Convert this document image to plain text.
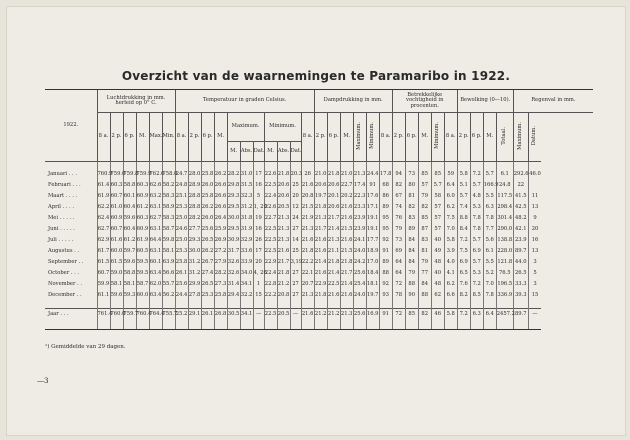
Overzicht van de waarnemingen te Paramaribo in 1922.
1922.	Luchtdrukking in mm. herleid op 0° C.						Temperatuur in graden Celsius.											Dampdrukking in mm.						Betrekkelijke vochtigheid in procenten.					Bewolking (0—10).				Regenval in mm.	
	8 a.	2 p.	6 p.	M.	Max.	Min.	8 a.	2 p.	6 p.	M.	Maximum.			Minimum.			8 a.	2 p.	6 p.	M.	Maximum.	Minimum.	8 a.	2 p.	6 p.	M.	Minimum.	8 a.	2 p.	6 p.	M.	Totaal.	Maximum.	Datum.
											M.	Abs.	Dat.	M.	Abs.	Dat.																		

Januari . . .	760.9	759.0	759.8	759.9	762.6	758.0	24.7	28.0	25.8	26.2	28.2	31.0	17	22.6	21.8	20.3	26	21.0	21.8	21.0	21.3	24.4	17.8	94	73	85	85	59	5.8	7.2	5.7	6.1	292.6	46.0
Februari . . .	61.4	60.3	58.8	60.3	62.6	58.2	24.8	28.9	26.0	26.6	29.8	31.5	16	22.5	20.6	25	21.6	20.6	20.6	22.7	17.4	91	68	82	80	57	5.7	6.4	5.1	5.7	166.9	24.8	22	
Maart . . . .	61.9	60.7	60.1	60.9	63.2	58.3	25.1	28.8	25.8	26.6	29.3	32.3	5	22.4	20.6	20	20.8	19.7	20.1	20.2	22.3	17.6	86	67	81	79	58	6.0	5.7	4.8	5.5	117.5	41.5	11
April . . . .	62.2	61.0	60.4	61.2	63.1	58.9	25.3	28.8	26.2	26.6	29.5	31.2	1, 29	22.6	20.5	12	21.5	21.8	20.6	21.6	23.3	17.1	89	74	82	82	57	6.2	7.4	5.3	6.3	298.4	42.5	13
Mei . . . . .	62.4	60.9	59.6	60.3	62.7	58.3	25.0	28.2	26.0	26.4	30.0	31.8	19	22.7	21.3	24	21.9	21.3	21.7	21.6	23.9	19.1	95	76	83	85	57	7.5	8.8	7.8	7.8	301.4	48.2	9
Juni . . . . .	62.7	60.7	60.4	60.9	63.1	58.7	24.6	27.7	25.6	25.9	29.5	31.9	16	22.5	21.3	27	21.3	21.7	21.4	21.5	23.9	19.1	95	79	89	87	57	7.0	8.4	7.8	7.7	290.0	42.1	20
Juli . . . . .	62.9	61.6	61.2	61.9	64.4	59.8	25.0	29.3	26.5	26.9	30.9	32.9	26	22.5	21.3	14	21.6	21.6	21.3	21.6	24.1	17.7	92	73	84	83	40	5.8	7.2	5.7	5.6	138.8	23.9	16
Augustus . .	61.7	60.0	59.7	60.5	63.1	58.1	25.3	30.0	26.2	27.2	31.7	33.6	17	22.5	21.6	25	21.8	21.6	21.1	21.5	24.0	18.9	91	69	84	81	49	3.9	7.5	6.9	6.1	228.0	89.7	13
September . .	61.5	61.5	59.6	59.5	60.1	63.9	25.8	31.2	26.7	27.9	32.6	33.9	20	22.9	21.7	3,19	22.2	21.4	21.8	21.8	24.2	17.0	89	64	84	79	48	4.0	6.9	5.7	5.5	121.8	44.0	3
October . . .	60.7	59.0	58.8	59.5	63.4	56.6	26.1	31.2	27.4	28.2	32.6	34.0	4, 26	22.4	21.8	27	22.1	21.6	21.4	21.7	25.6	18.4	88	64	79	77	40	4.1	6.5	5.3	5.2	76.5	26.5	5
November . .	59.9	58.1	58.1	58.7	62.0	55.7	25.6	29.9	26.5	27.3	31.4	34.1	1	22.8	21.2	27	20.7	22.9	22.5	21.4	25.4	18.1	92	72	88	84	48	6.2	7.6	7.2	7.0	196.5	33.3	3
December . .	61.1	59.6	59.3	60.0	63.4	56.2	24.4	27.8	25.3	25.8	29.4	32.2	15	22.2	20.8	27	21.3	21.8	21.6	21.6	24.0	19.7	93	78	90	88	62	6.6	8.2	8.5	7.8	336.9	39.3	15

Jaar . . .	761.4	760.0	759.7	760.4	764.4	755.7	25.2	29.1	26.1	26.8	30.5	34.1	—	22.5	20.5	—	21.6	21.2	21.2	21.3	25.6	16.9	91	72	85	82	46	5.8	7.2	6.3	6.4	2457.2	89.7	—

¹) Gemiddelde van 29 dagen.
—3
